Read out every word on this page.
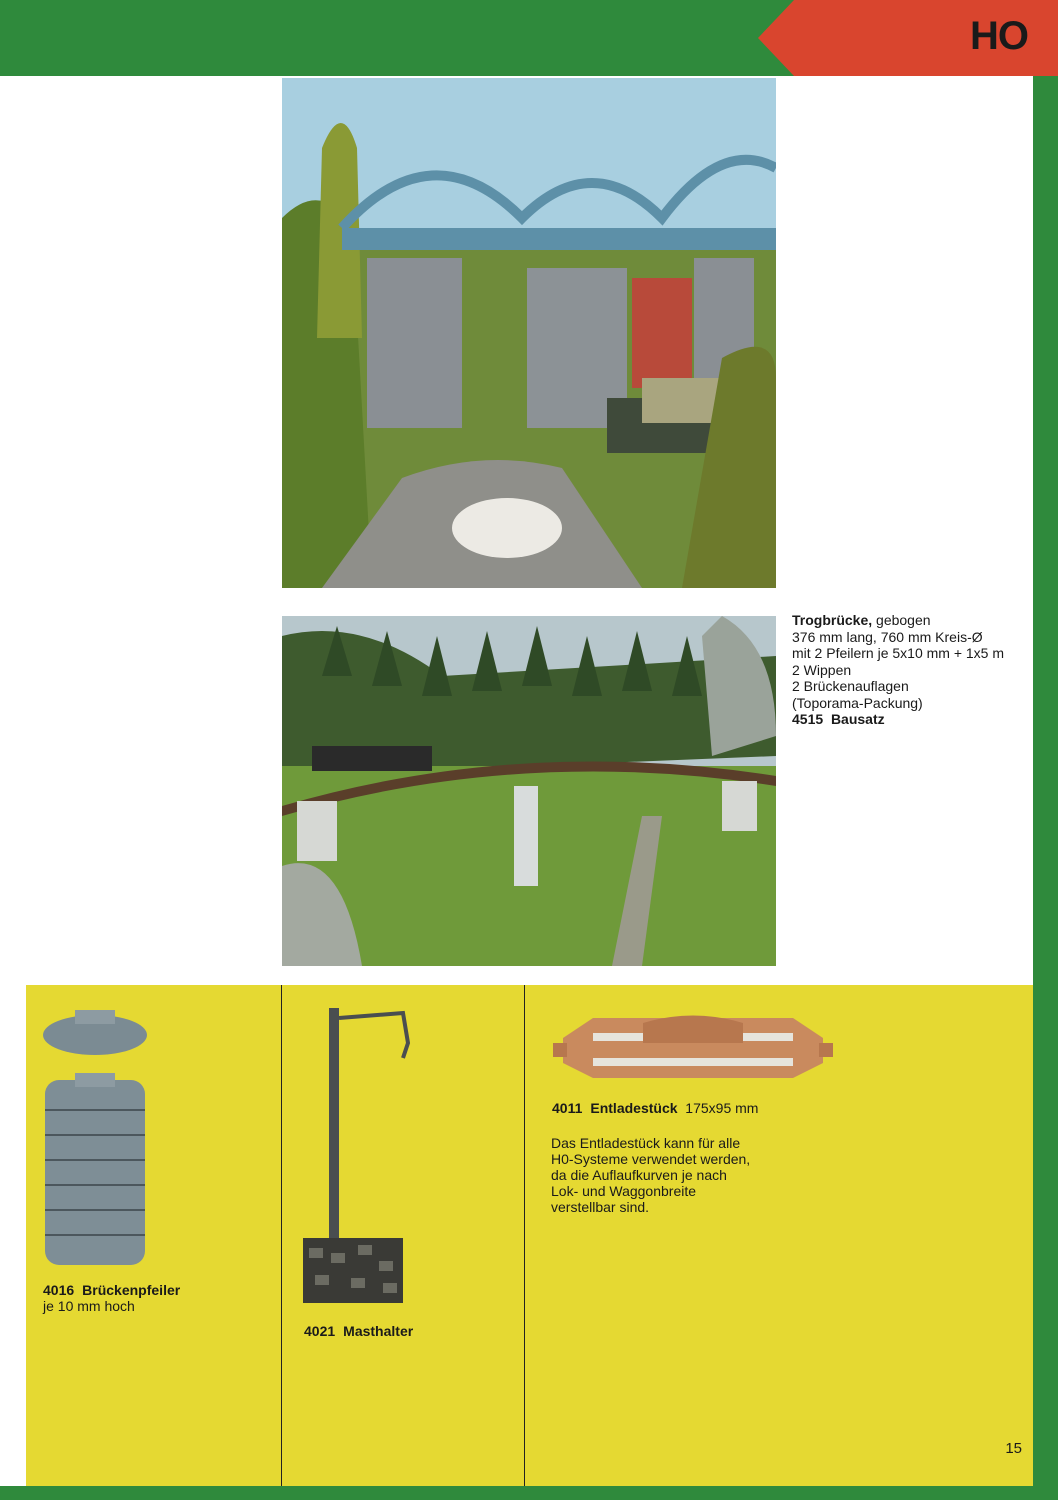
HO
Trogbrücke, gebogen
376 mm lang, 760 mm Kreis-Ø
mit 2 Pfeilern je 5x10 mm + 1x5 m
2 Wippen
2 Brückenauflagen
(Toporama-Packung)
4515 Bausatz
4016 Brückenpfeiler
je 10 mm hoch
4021 Masthalter
4011 Entladestück 175x95 mm
Das Entladestück kann für alle
H0-Systeme verwendet werden,
da die Auflaufkurven je nach
Lok- und Waggonbreite
verstellbar sind.
15
